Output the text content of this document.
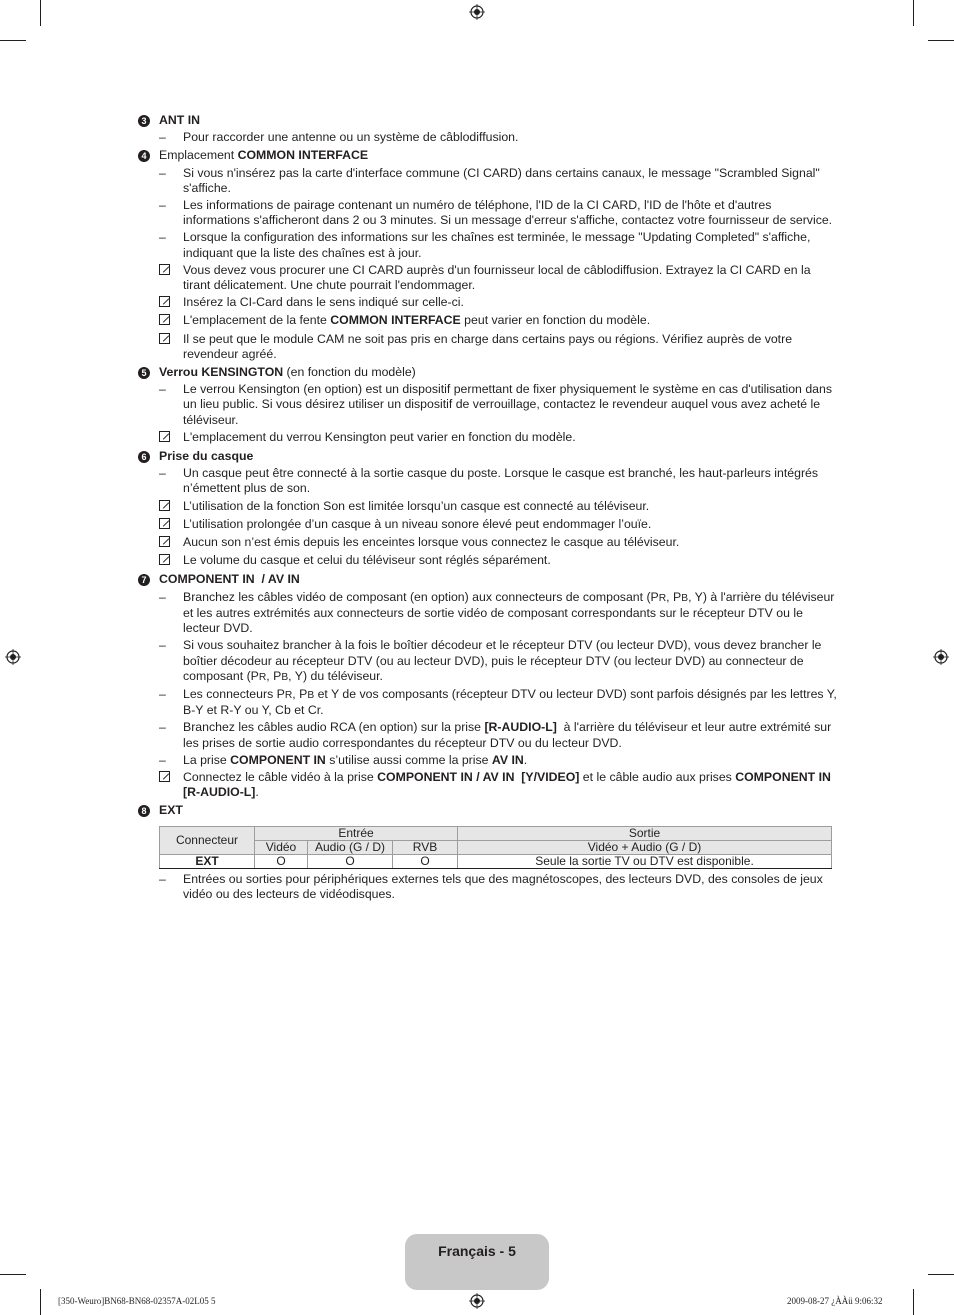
3 ANT IN
–	Pour raccorder une antenne ou un système de câblodiffusion.
4 Emplacement COMMON INTERFACE
–	Si vous n'insérez pas la carte d'interface commune (CI CARD) dans certains canaux, le message "Scrambled Signal" s'affiche.
–	Les informations de pairage contenant un numéro de téléphone, l'ID de la CI CARD, l'ID de l'hôte et d'autres informations s'afficheront dans 2 ou 3 minutes. Si un message d'erreur s'affiche, contactez votre fournisseur de service.
–	Lorsque la configuration des informations sur les chaînes est terminée, le message "Updating Completed" s'affiche, indiquant que la liste des chaînes est à jour.
Vous devez vous procurer une CI CARD auprès d'un fournisseur local de câblodiffusion. Extrayez la CI CARD en la tirant délicatement. Une chute pourrait l'endommager.
Insérez la CI-Card dans le sens indiqué sur celle-ci.
L'emplacement de la fente COMMON INTERFACE peut varier en fonction du modèle.
Il se peut que le module CAM ne soit pas pris en charge dans certains pays ou régions. Vérifiez auprès de votre revendeur agréé.
5 Verrou KENSINGTON (en fonction du modèle)
–	Le verrou Kensington (en option) est un dispositif permettant de fixer physiquement le système en cas d'utilisation dans un lieu public. Si vous désirez utiliser un dispositif de verrouillage, contactez le revendeur auquel vous avez acheté le téléviseur.
L'emplacement du verrou Kensington peut varier en fonction du modèle.
6 Prise du casque
–	Un casque peut être connecté à la sortie casque du poste. Lorsque le casque est branché, les haut-parleurs intégrés n’émettent plus de son.
L’utilisation de la fonction Son est limitée lorsqu’un casque est connecté au téléviseur.
L’utilisation prolongée d’un casque à un niveau sonore élevé peut endommager l’ouïe.
Aucun son n’est émis depuis les enceintes lorsque vous connectez le casque au téléviseur.
Le volume du casque et celui du téléviseur sont réglés séparément.
7 COMPONENT IN  / AV IN
–	Branchez les câbles vidéo de composant (en option) aux connecteurs de composant (PR, PB, Y) à l'arrière du téléviseur et les autres extrémités aux connecteurs de sortie vidéo de composant correspondants sur le récepteur DTV ou le lecteur DVD.
–	Si vous souhaitez brancher à la fois le boîtier décodeur et le récepteur DTV (ou lecteur DVD), vous devez brancher le boîtier décodeur au récepteur DTV (ou au lecteur DVD), puis le récepteur DTV (ou lecteur DVD) au connecteur de composant (PR, PB, Y) du téléviseur.
–	Les connecteurs PR, PB et Y de vos composants (récepteur DTV ou lecteur DVD) sont parfois désignés par les lettres Y, B-Y et R-Y ou Y, Cb et Cr.
–	Branchez les câbles audio RCA (en option) sur la prise [R-AUDIO-L]  à l'arrière du téléviseur et leur autre extrémité sur les prises de sortie audio correspondantes du récepteur DTV ou du lecteur DVD.
–	La prise COMPONENT IN s’utilise aussi comme la prise AV IN.
Connectez le câble vidéo à la prise COMPONENT IN / AV IN  [Y/VIDEO] et le câble audio aux prises COMPONENT IN [R-AUDIO-L].
8 EXT
Connecteur	Entrée			Sortie
	Vidéo	Audio (G / D)	RVB	Vidéo + Audio (G / D)
EXT	O	O	O	Seule la sortie TV ou DTV est disponible.
–	Entrées ou sorties pour périphériques externes tels que des magnétoscopes, des lecteurs DVD, des consoles de jeux vidéo ou des lecteurs de vidéodisques.
Français - 5
[350-Weuro]BN68-BN68-02357A-02L05 5	2009-08-27 ¿ÀÀü 9:06:32
